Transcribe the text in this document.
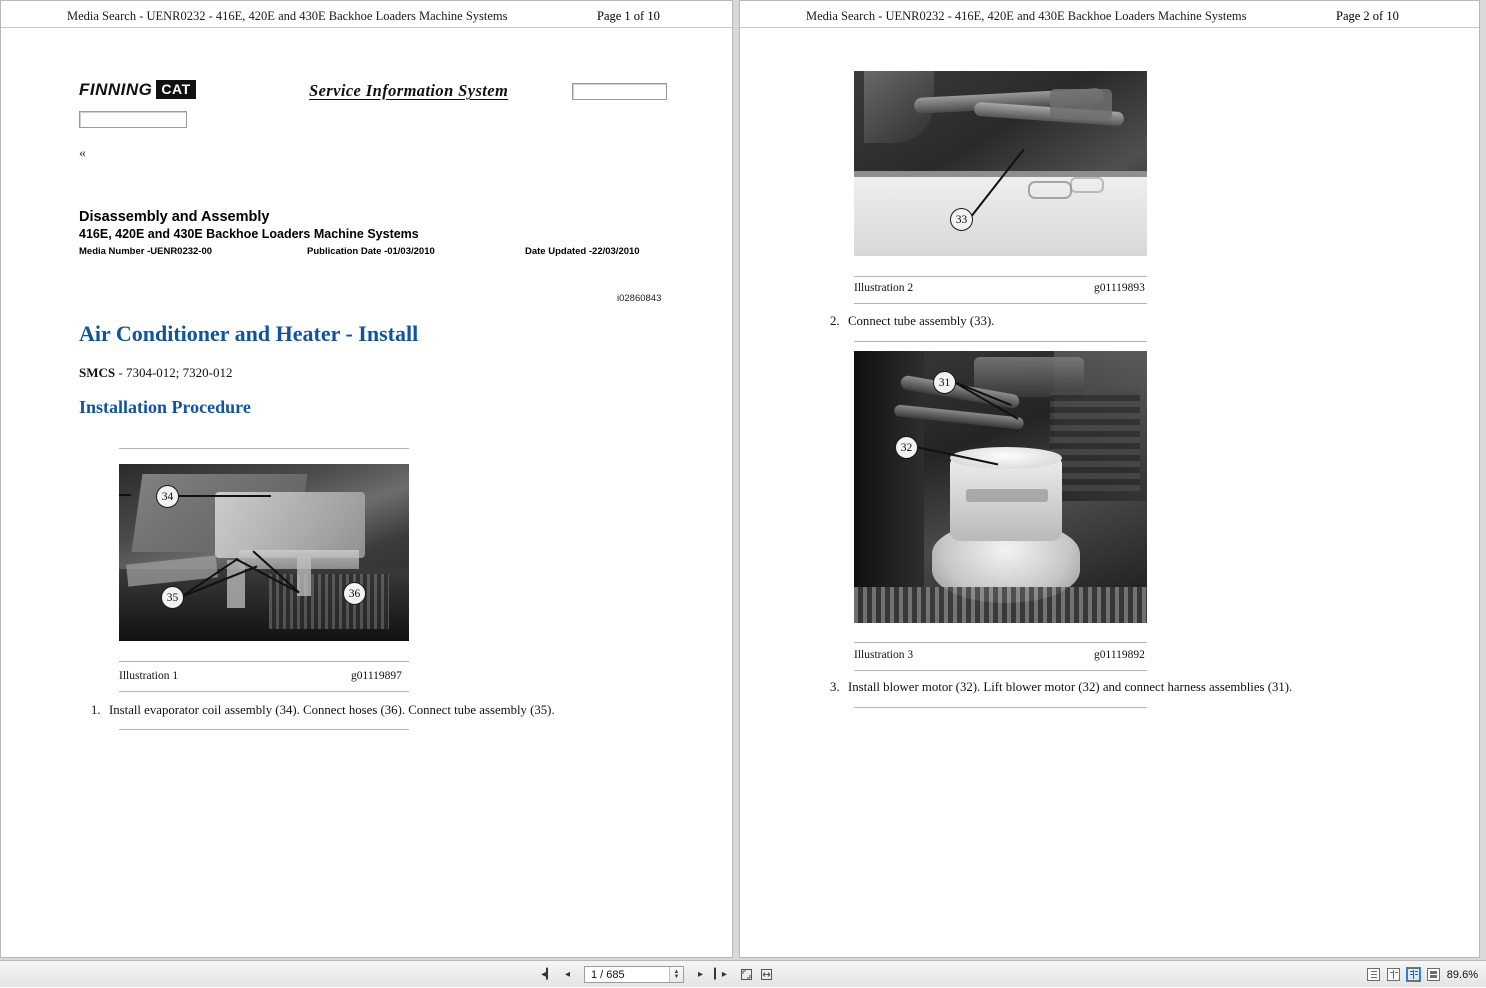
Media Search - UENR0232 - 416E, 420E and 430E Backhoe Loaders Machine Systems	Page 1 of 10
FINNING CAT	Service Information System
«
Disassembly and Assembly
416E, 420E and 430E Backhoe Loaders Machine Systems
Media Number -UENR0232-00	Publication Date -01/03/2010	Date Updated -22/03/2010
i02860843
Air Conditioner and Heater - Install
SMCS - 7304-012; 7320-012
Installation Procedure
34
35	36
Illustration 1	g01119897
1. Install evaporator coil assembly (34). Connect hoses (36). Connect tube assembly (35).
Media Search - UENR0232 - 416E, 420E and 430E Backhoe Loaders Machine Systems	Page 2 of 10
33
Illustration 2	g01119893
2. Connect tube assembly (33).
31
32
Illustration 3	g01119892
3. Install blower motor (32). Lift blower motor (32) and connect harness assemblies (31).
◂▎	◂	1 / 685	▲
▼	▸	▎▸	89.6%
